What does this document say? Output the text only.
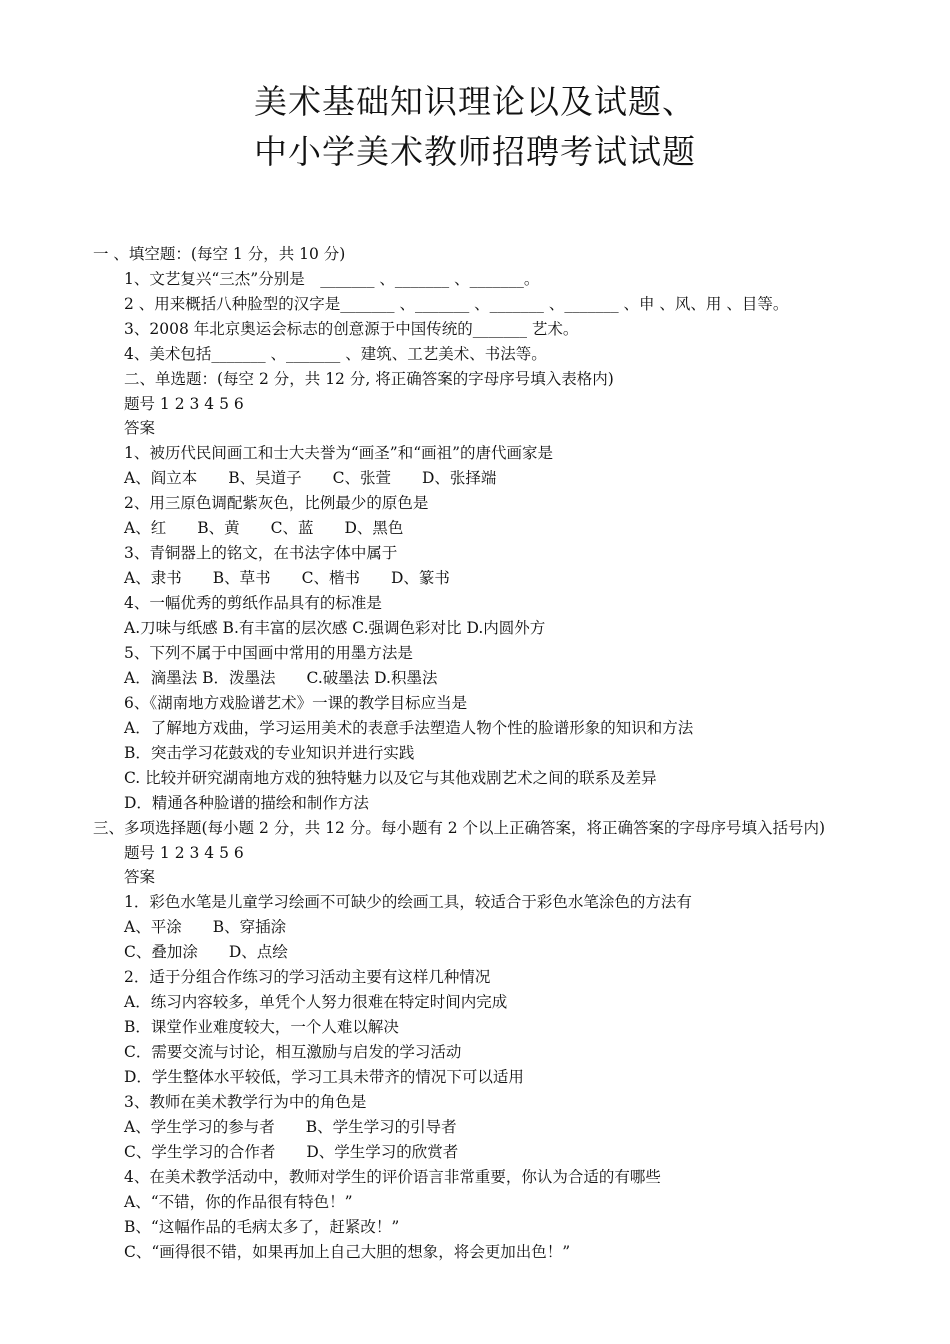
美术基础知识理论以及试题、
中小学美术教师招聘考试试题
一 、填空题：(每空 1 分，共 10 分)
1、文艺复兴“三杰”分别是　_______ 、_______ 、_______。
2 、用来概括八种脸型的汉字是_______ 、_______ 、_______ 、_______ 、申 、风、用 、目等。
3、2008 年北京奥运会标志的创意源于中国传统的_______ 艺术。
4、美术包括_______ 、_______ 、建筑、工艺美术、书法等。
二、单选题：(每空 2 分，共 12 分, 将正确答案的字母序号填入表格内)
题号 1 2 3 4 5 6
答案
1、被历代民间画工和士大夫誉为“画圣”和“画祖”的唐代画家是
A、阎立本　　B、吴道子　　C、张萱　　D、张择端
2、用三原色调配紫灰色，比例最少的原色是
A、红　　B、黄　　C、蓝　　D、黑色
3、青铜器上的铭文，在书法字体中属于
A、隶书　　B、草书　　C、楷书　　D、篆书
4、一幅优秀的剪纸作品具有的标准是
A.刀味与纸感 B.有丰富的层次感 C.强调色彩对比 D.内圆外方
5、下列不属于中国画中常用的用墨方法是
A．滴墨法 B．泼墨法　　C.破墨法 D.积墨法
6、《湖南地方戏脸谱艺术》一课的教学目标应当是
A．了解地方戏曲，学习运用美术的表意手法塑造人物个性的脸谱形象的知识和方法
B．突击学习花鼓戏的专业知识并进行实践
C. 比较并研究湖南地方戏的独特魅力以及它与其他戏剧艺术之间的联系及差异
D．精通各种脸谱的描绘和制作方法
三、多项选择题(每小题 2 分，共 12 分。每小题有 2 个以上正确答案，将正确答案的字母序号填入括号内)
题号 1 2 3 4 5 6
答案
1．彩色水笔是儿童学习绘画不可缺少的绘画工具，较适合于彩色水笔涂色的方法有
A、平涂　　B、穿插涂
C、叠加涂　　D、点绘
2．适于分组合作练习的学习活动主要有这样几种情况
A．练习内容较多，单凭个人努力很难在特定时间内完成
B．课堂作业难度较大，一个人难以解决
C．需要交流与讨论，相互激励与启发的学习活动
D．学生整体水平较低，学习工具未带齐的情况下可以适用
3、教师在美术教学行为中的角色是
A、学生学习的参与者　　B、学生学习的引导者
C、学生学习的合作者　　D、学生学习的欣赏者
4、在美术教学活动中，教师对学生的评价语言非常重要，你认为合适的有哪些
A、“不错，你的作品很有特色！”
B、“这幅作品的毛病太多了，赶紧改！”
C、“画得很不错，如果再加上自己大胆的想象，将会更加出色！”
